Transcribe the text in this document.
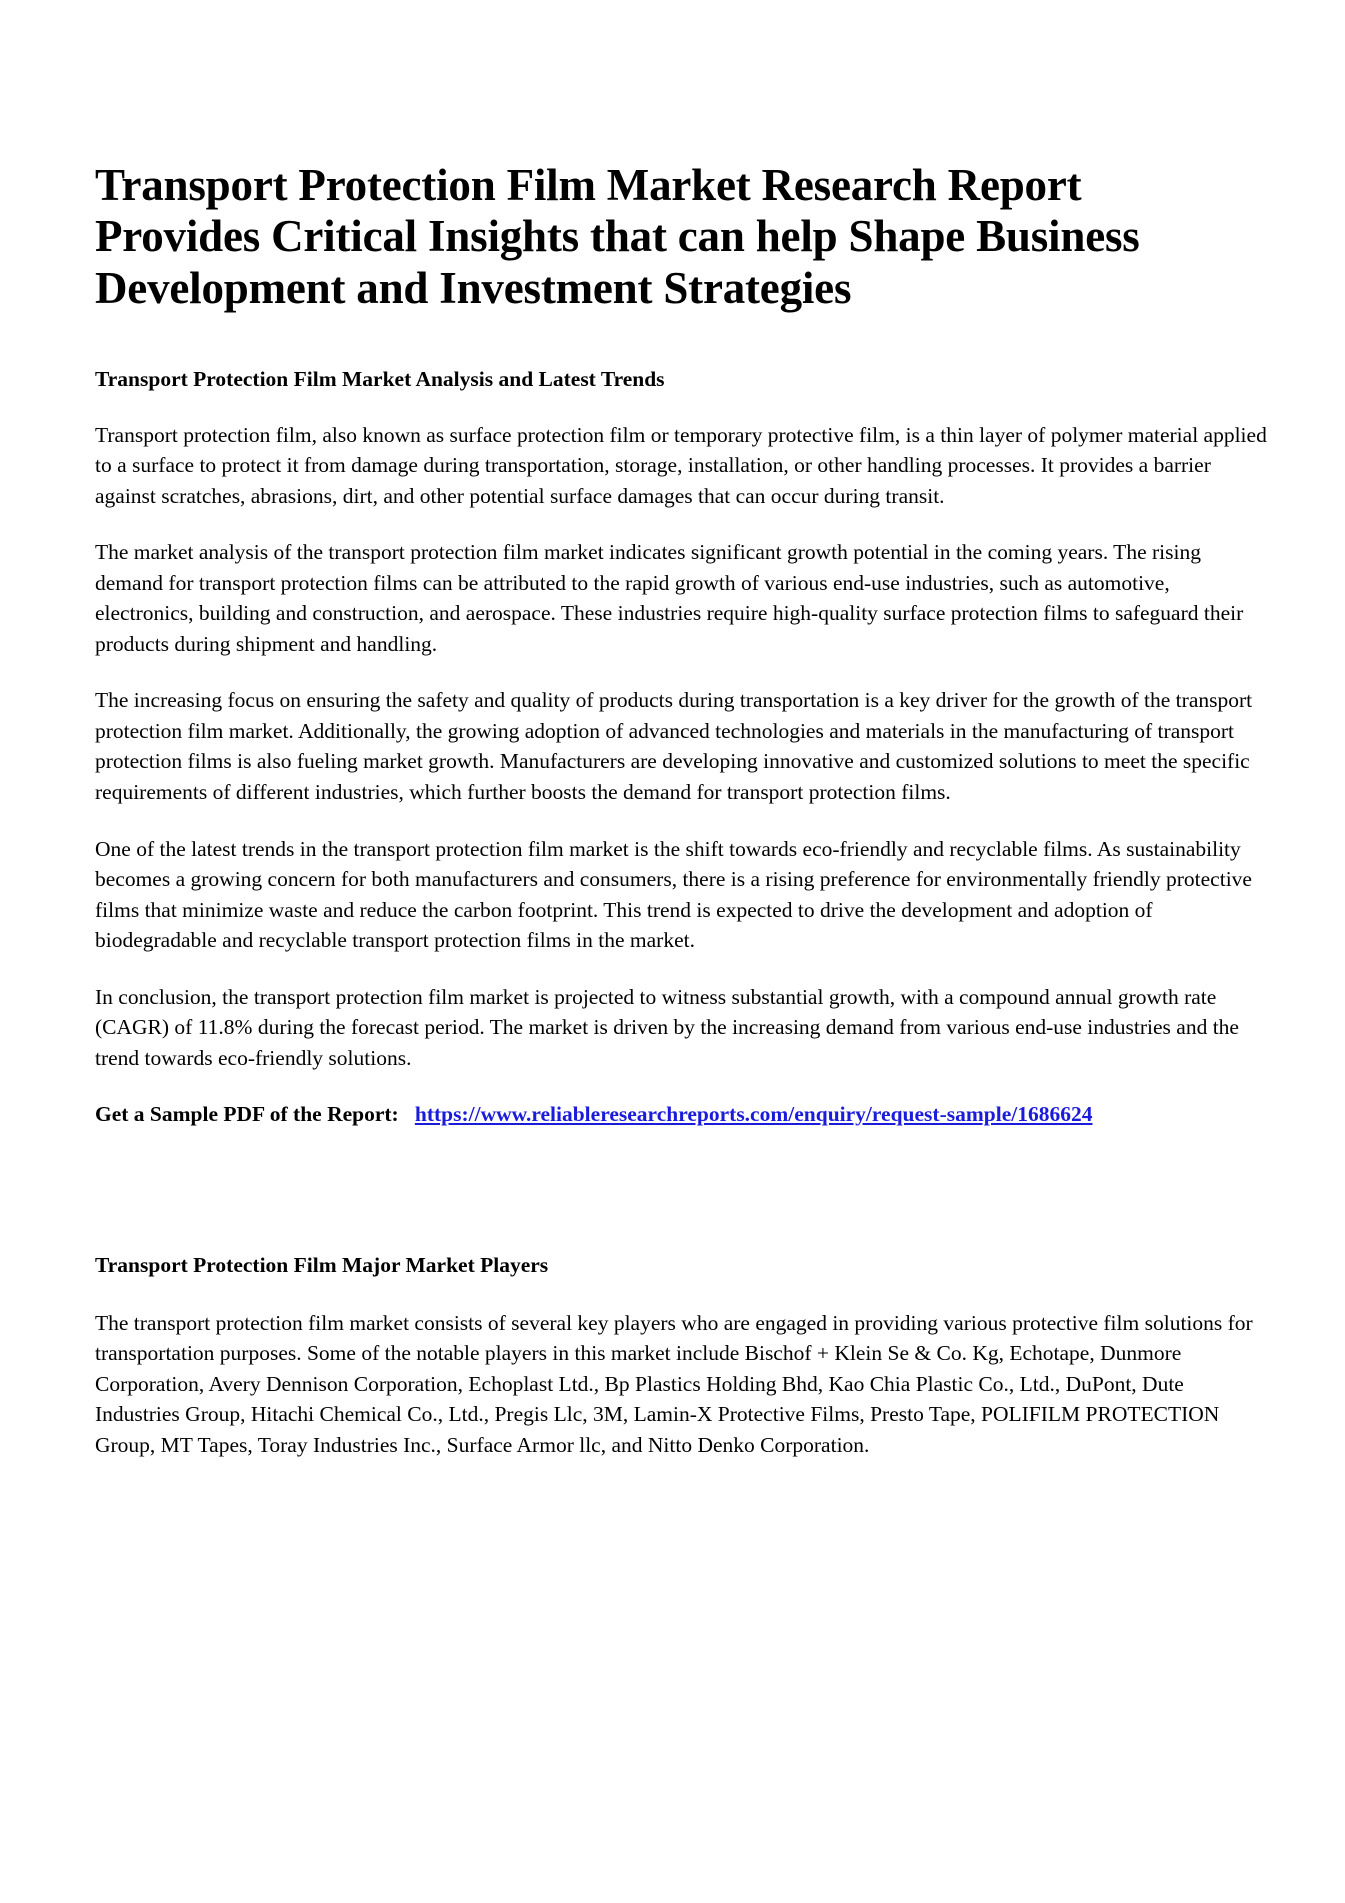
Transport Protection Film Market Research Report Provides Critical Insights that can help Shape Business Development and Investment Strategies
Transport Protection Film Market Analysis and Latest Trends

Transport protection film, also known as surface protection film or temporary protective film, is a thin layer of polymer material applied to a surface to protect it from damage during transportation, storage, installation, or other handling processes. It provides a barrier against scratches, abrasions, dirt, and other potential surface damages that can occur during transit.

The market analysis of the transport protection film market indicates significant growth potential in the coming years. The rising demand for transport protection films can be attributed to the rapid growth of various end-use industries, such as automotive, electronics, building and construction, and aerospace. These industries require high-quality surface protection films to safeguard their products during shipment and handling.

The increasing focus on ensuring the safety and quality of products during transportation is a key driver for the growth of the transport protection film market. Additionally, the growing adoption of advanced technologies and materials in the manufacturing of transport protection films is also fueling market growth. Manufacturers are developing innovative and customized solutions to meet the specific requirements of different industries, which further boosts the demand for transport protection films.

One of the latest trends in the transport protection film market is the shift towards eco-friendly and recyclable films. As sustainability becomes a growing concern for both manufacturers and consumers, there is a rising preference for environmentally friendly protective films that minimize waste and reduce the carbon footprint. This trend is expected to drive the development and adoption of biodegradable and recyclable transport protection films in the market.

In conclusion, the transport protection film market is projected to witness substantial growth, with a compound annual growth rate (CAGR) of 11.8% during the forecast period. The market is driven by the increasing demand from various end-use industries and the trend towards eco-friendly solutions.

Get a Sample PDF of the Report: https://www.reliableresearchreports.com/enquiry/request-sample/1686624
Transport Protection Film Major Market Players

The transport protection film market consists of several key players who are engaged in providing various protective film solutions for transportation purposes. Some of the notable players in this market include Bischof + Klein Se & Co. Kg, Echotape, Dunmore Corporation, Avery Dennison Corporation, Echoplast Ltd., Bp Plastics Holding Bhd, Kao Chia Plastic Co., Ltd., DuPont, Dute Industries Group, Hitachi Chemical Co., Ltd., Pregis Llc, 3M, Lamin-X Protective Films, Presto Tape, POLIFILM PROTECTION Group, MT Tapes, Toray Industries Inc., Surface Armor llc, and Nitto Denko Corporation.
